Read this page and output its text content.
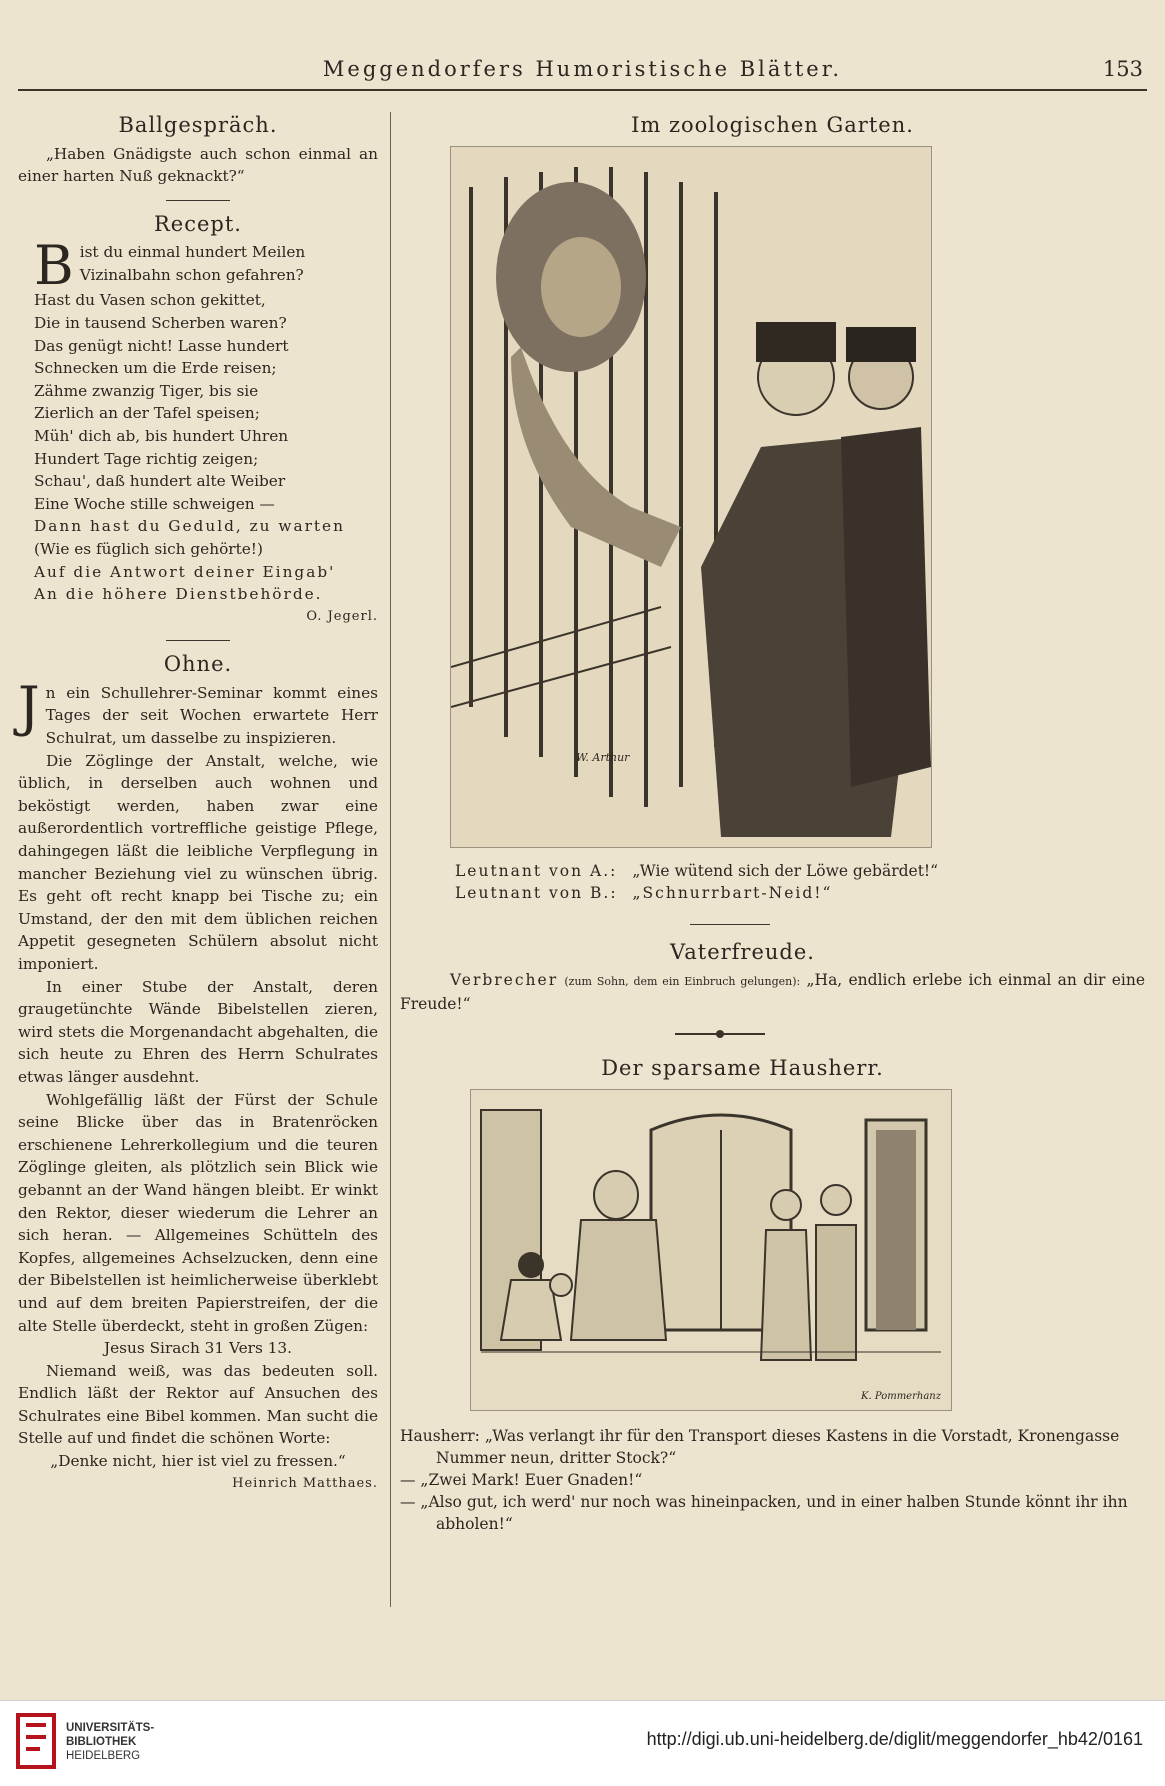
Meggendorfers Humoristische Blätter.	153
Ballgespräch.

„Haben Gnädigste auch schon einmal an einer harten Nuß geknackt?“

Recept.
B ist du einmal hundert Meilen

Vizinalbahn schon gefahren?

Hast du Vasen schon gekittet,

Die in tausend Scherben waren?

Das genügt nicht! Lasse hundert

Schnecken um die Erde reisen;

Zähme zwanzig Tiger, bis sie

Zierlich an der Tafel speisen;

Müh' dich ab, bis hundert Uhren

Hundert Tage richtig zeigen;

Schau', daß hundert alte Weiber

Eine Woche stille schweigen —

Dann hast du Geduld, zu warten

(Wie es füglich sich gehörte!)

Auf die Antwort deiner Eingab'

An die höhere Dienstbehörde.

O. Jegerl.
Ohne.

J n ein Schullehrer-Seminar kommt eines Tages der seit Wochen erwartete Herr Schulrat, um dasselbe zu inspizieren.

Die Zöglinge der Anstalt, welche, wie üblich, in derselben auch wohnen und beköstigt werden, haben zwar eine außerordentlich vortreffliche geistige Pflege, dahingegen läßt die leibliche Verpflegung in mancher Beziehung viel zu wünschen übrig. Es geht oft recht knapp bei Tische zu; ein Umstand, der den mit dem üblichen reichen Appetit gesegneten Schülern absolut nicht imponiert.

In einer Stube der Anstalt, deren graugetünchte Wände Bibelstellen zieren, wird stets die Morgenandacht abgehalten, die sich heute zu Ehren des Herrn Schulrates etwas länger ausdehnt.

Wohlgefällig läßt der Fürst der Schule seine Blicke über das in Bratenröcken erschienene Lehrerkollegium und die teuren Zöglinge gleiten, als plötzlich sein Blick wie gebannt an der Wand hängen bleibt. Er winkt den Rektor, dieser wiederum die Lehrer an sich heran. — Allgemeines Schütteln des Kopfes, allgemeines Achselzucken, denn eine der Bibelstellen ist heimlicherweise überklebt und auf dem breiten Papierstreifen, der die alte Stelle überdeckt, steht in großen Zügen:

Jesus Sirach 31 Vers 13.

Niemand weiß, was das bedeuten soll. Endlich läßt der Rektor auf Ansuchen des Schulrates eine Bibel kommen. Man sucht die Stelle auf und findet die schönen Worte:

„Denke nicht, hier ist viel zu fressen.“

Heinrich Matthaes.
Im zoologischen Garten.
W. Arthur

Leutnant von A.: „Wie wütend sich der Löwe gebärdet!“

Leutnant von B.: „Schnurrbart-Neid!“

Vaterfreude.

Verbrecher (zum Sohn, dem ein Einbruch gelungen): „Ha, endlich erlebe ich einmal an dir eine Freude!“

Der sparsame Hausherr.
K. Pommerhanz

Hausherr: „Was verlangt ihr für den Transport dieses Kastens in die Vorstadt, Kronengasse Nummer neun, dritter Stock?“

— „Zwei Mark! Euer Gnaden!“

— „Also gut, ich werd' nur noch was hineinpacken, und in einer halben Stunde könnt ihr ihn abholen!“

UNIVERSITÄTS-
BIBLIOTHEK
HEIDELBERG
http://digi.ub.uni-heidelberg.de/diglit/meggendorfer_hb42/0161
